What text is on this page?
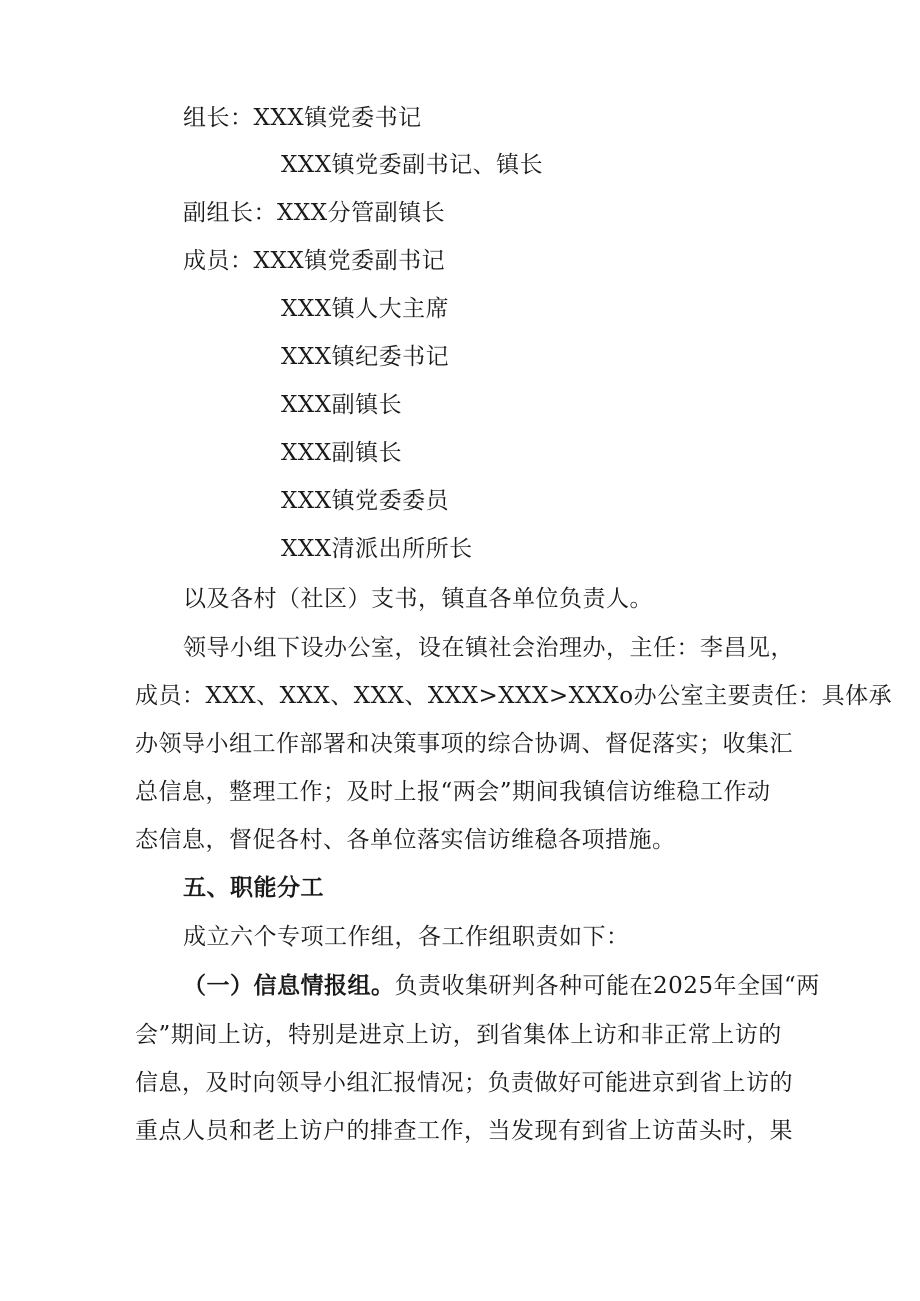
组长：XXX镇党委书记
XXX镇党委副书记、镇长
副组长：XXX分管副镇长
成员：XXX镇党委副书记
XXX镇人大主席
XXX镇纪委书记
XXX副镇长
XXX副镇长
XXX镇党委委员
XXX清派出所所长
以及各村（社区）支书，镇直各单位负责人。
领导小组下设办公室，设在镇社会治理办，主任：李昌见，
成员：XXX、XXX、XXX、XXX>XXX>XXXo办公室主要责任：具体承
办领导小组工作部署和决策事项的综合协调、督促落实；收集汇
总信息，整理工作；及时上报“两会”期间我镇信访维稳工作动
态信息，督促各村、各单位落实信访维稳各项措施。
五、职能分工
成立六个专项工作组，各工作组职责如下：
（一）信息情报组。负责收集研判各种可能在2025年全国“两
会”期间上访，特别是进京上访，到省集体上访和非正常上访的
信息，及时向领导小组汇报情况；负责做好可能进京到省上访的
重点人员和老上访户的排查工作，当发现有到省上访苗头时，果
